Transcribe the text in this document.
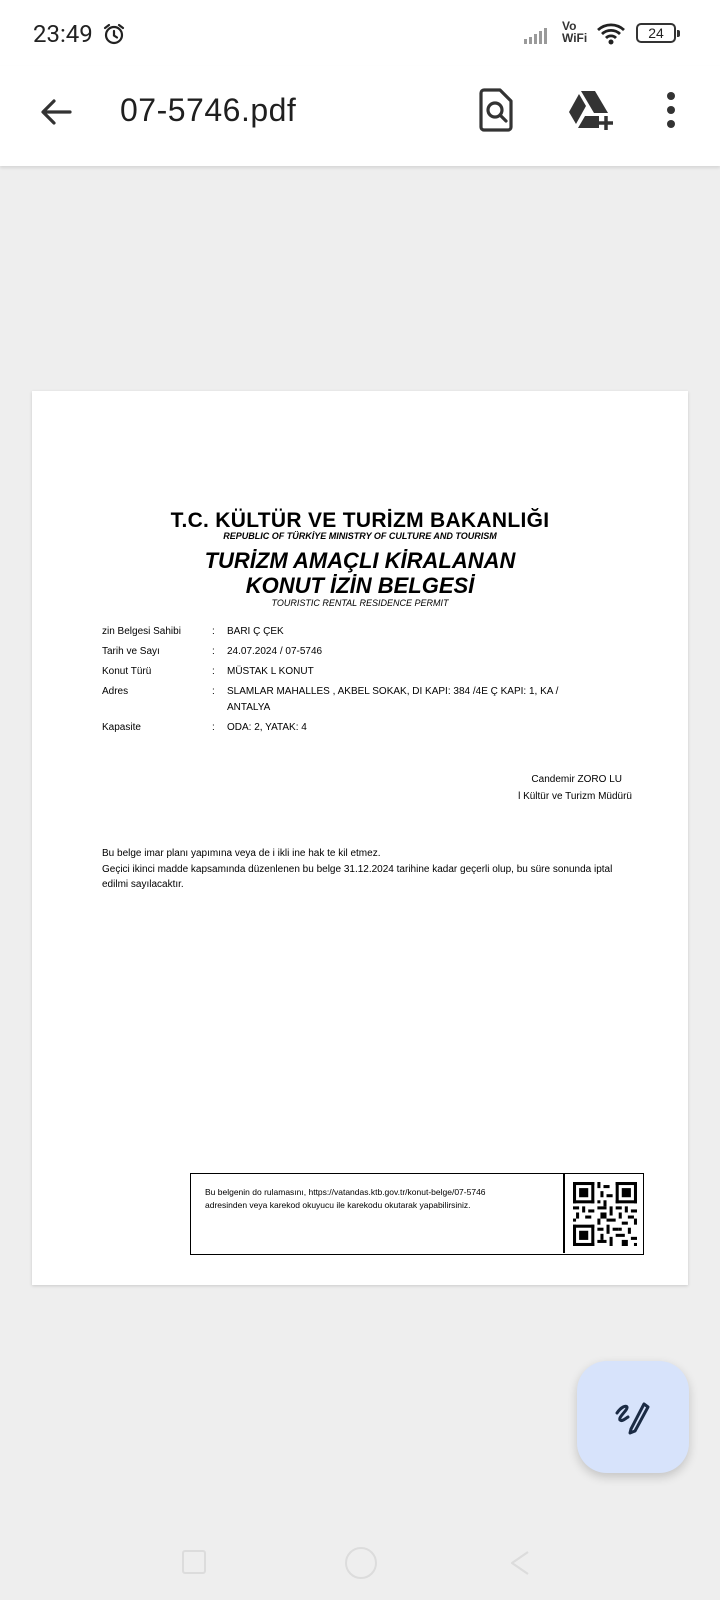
23:49	Vo
WiFi	24
07-5746.pdf
T.C. KÜLTÜR VE TURİZM BAKANLIĞI
REPUBLIC OF TÜRKİYE MINISTRY OF CULTURE AND TOURISM
TURİZM AMAÇLI KİRALANAN
KONUT İZİN BELGESİ
TOURISTIC RENTAL RESIDENCE PERMIT
zin Belgesi Sahibi	: BARI Ç ÇEK
Tarih ve Sayı	: 24.07.2024 / 07-5746
Konut Türü	: MÜSTAK L KONUT
Adres	: SLAMLAR MAHALLES , AKBEL SOKAK, DI KAPI: 384 /4E Ç KAPI: 1, KA /
ANTALYA
Kapasite	: ODA: 2, YATAK: 4
Candemir ZORO LU
l Kültür ve Turizm Müdürü
Bu belge imar planı yapımına veya de i ikli ine hak te kil etmez.
Geçici ikinci madde kapsamında düzenlenen bu belge 31.12.2024 tarihine kadar geçerli olup, bu süre sonunda iptal
edilmi sayılacaktır.
Bu belgenin do rulamasını, https://vatandas.ktb.gov.tr/konut-belge/07-5746
adresinden veya karekod okuyucu ile karekodu okutarak yapabilirsiniz.
